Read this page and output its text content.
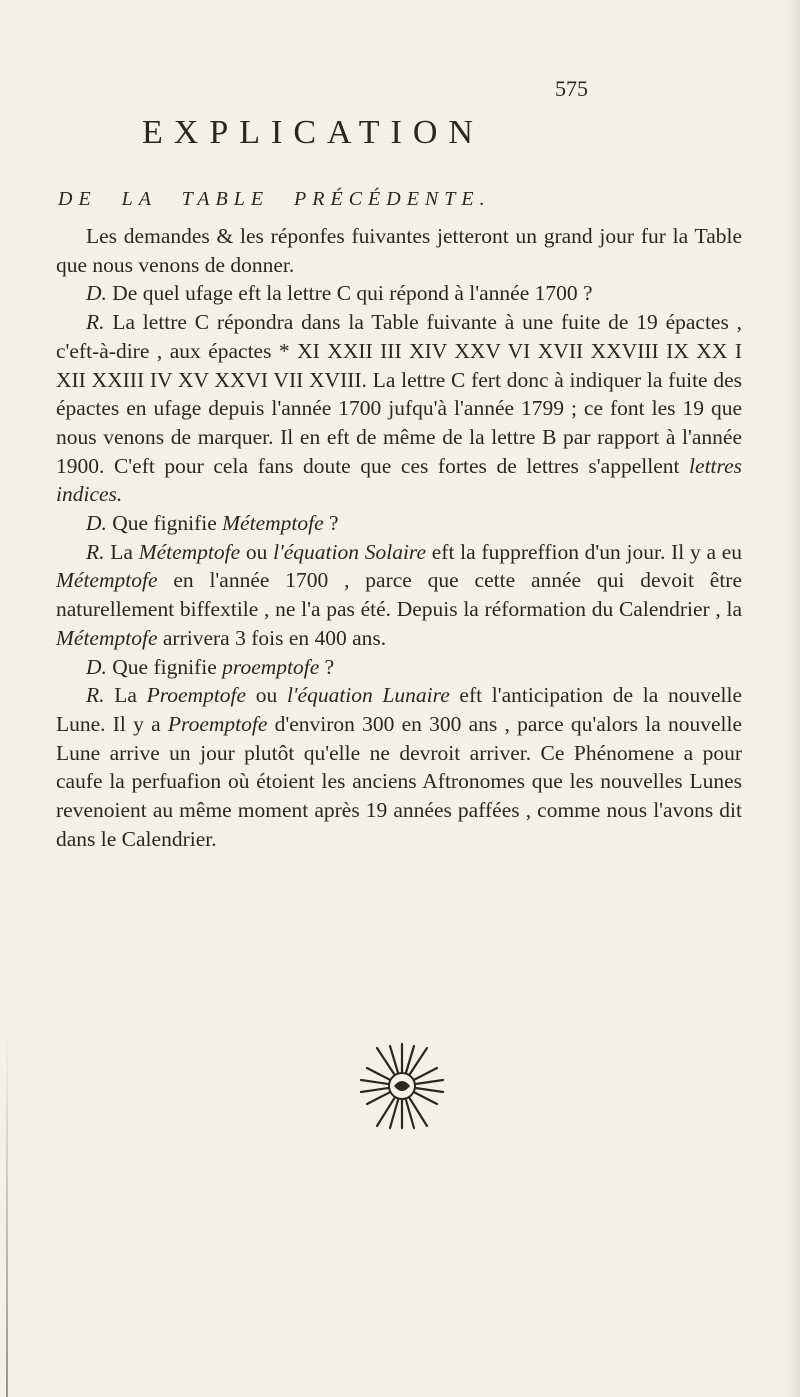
575
EXPLICATION
DE LA TABLE PRÉCÉDENTE.

Les demandes & les réponfes fuivantes jetteront un grand jour fur la Table que nous venons de donner.

D. De quel ufage eft la lettre C qui répond à l'année 1700 ?

R. La lettre C répondra dans la Table fuivante à une fuite de 19 épactes , c'eft-à-dire , aux épactes * XI XXII III XIV XXV VI XVII XXVIII IX XX I XII XXIII IV XV XXVI VII XVIII. La lettre C fert donc à indiquer la fuite des épactes en ufage depuis l'année 1700 jufqu'à l'année 1799 ; ce font les 19 que nous venons de marquer. Il en eft de même de la lettre B par rapport à l'année 1900. C'eft pour cela fans doute que ces fortes de lettres s'appellent lettres indices.

D. Que fignifie Métemptofe ?

R. La Métemptofe ou l'équation Solaire eft la fuppreffion d'un jour. Il y a eu Métemptofe en l'année 1700 , parce que cette année qui devoit être naturellement biffextile , ne l'a pas été. Depuis la réformation du Calendrier , la Métemptofe arrivera 3 fois en 400 ans.

D. Que fignifie proemptofe ?

R. La Proemptofe ou l'équation Lunaire eft l'anticipation de la nouvelle Lune. Il y a Proemptofe d'environ 300 en 300 ans , parce qu'alors la nouvelle Lune arrive un jour plutôt qu'elle ne devroit arriver. Ce Phénomene a pour caufe la perfuafion où étoient les anciens Aftronomes que les nouvelles Lunes revenoient au même moment après 19 années paffées , comme nous l'avons dit dans le Calendrier.
